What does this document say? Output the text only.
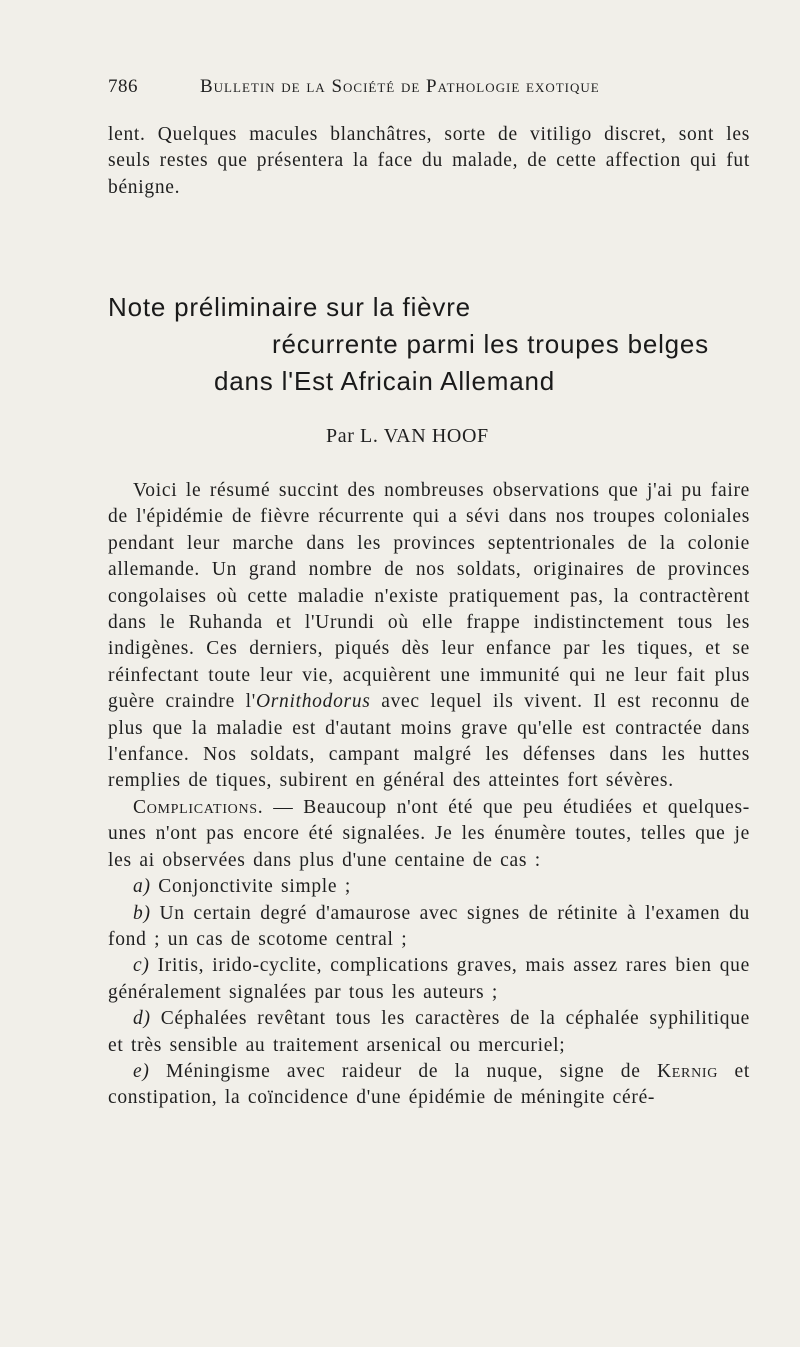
786	Bulletin de la Société de Pathologie exotique

lent. Quelques macules blanchâtres, sorte de vitiligo discret, sont les seuls restes que présentera la face du malade, de cette affection qui fut bénigne.

Note préliminaire sur la fièvre
récurrente parmi les troupes belges
dans l'Est Africain Allemand
Par L. VAN HOOF

Voici le résumé succint des nombreuses observations que j'ai pu faire de l'épidémie de fièvre récurrente qui a sévi dans nos troupes coloniales pendant leur marche dans les provinces septentrionales de la colonie allemande. Un grand nombre de nos soldats, originaires de provinces congolaises où cette maladie n'existe pratiquement pas, la contractèrent dans le Ruhanda et l'Urundi où elle frappe indistinctement tous les indigènes. Ces derniers, piqués dès leur enfance par les tiques, et se réinfectant toute leur vie, acquièrent une immunité qui ne leur fait plus guère craindre l'Ornithodorus avec lequel ils vivent. Il est reconnu de plus que la maladie est d'autant moins grave qu'elle est contractée dans l'enfance. Nos soldats, campant malgré les défenses dans les huttes remplies de tiques, subirent en général des atteintes fort sévères.

Complications. — Beaucoup n'ont été que peu étudiées et quelques-unes n'ont pas encore été signalées. Je les énumère toutes, telles que je les ai observées dans plus d'une centaine de cas :

a) Conjonctivite simple ;

b) Un certain degré d'amaurose avec signes de rétinite à l'examen du fond ; un cas de scotome central ;

c) Iritis, irido-cyclite, complications graves, mais assez rares bien que généralement signalées par tous les auteurs ;

d) Céphalées revêtant tous les caractères de la céphalée syphilitique et très sensible au traitement arsenical ou mercuriel;

e) Méningisme avec raideur de la nuque, signe de Kernig et constipation, la coïncidence d'une épidémie de méningite céré-
